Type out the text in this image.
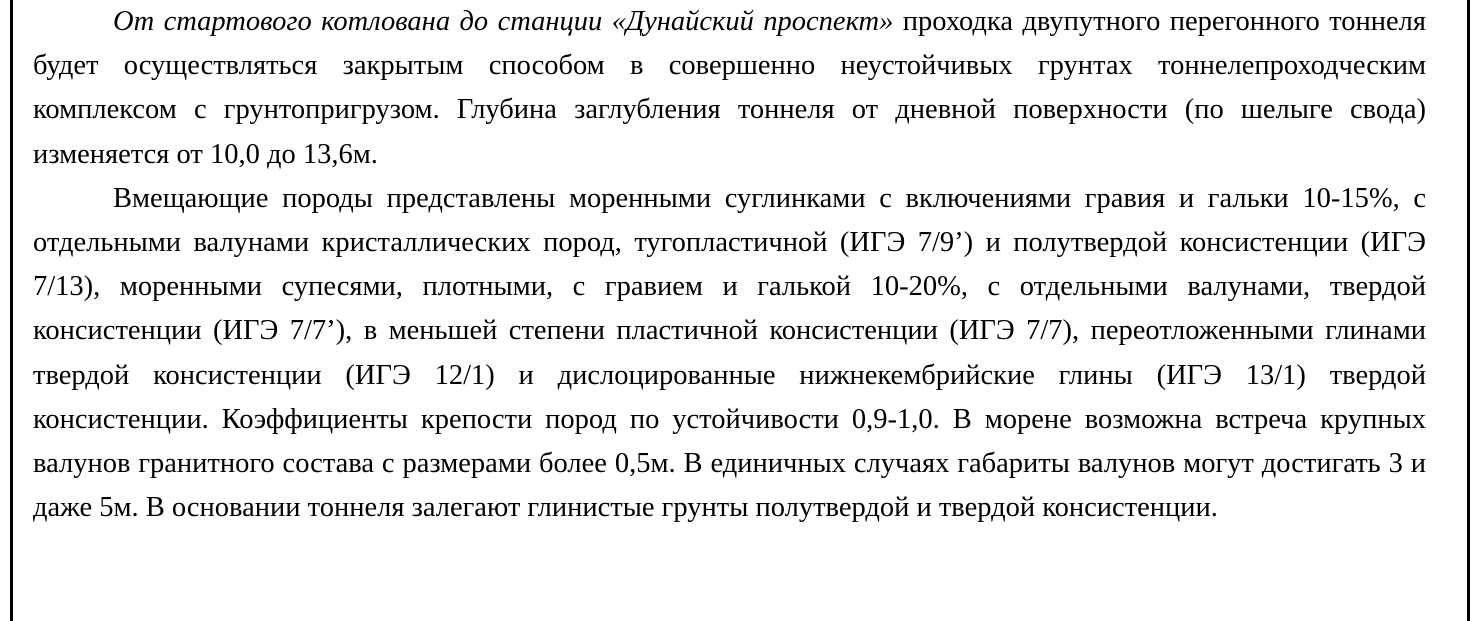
От стартового котлована до станции «Дунайский проспект» проходка двупутного перегонного тоннеля будет осуществляться закрытым способом в совершенно неустойчивых грунтах тоннелепроходческим комплексом с грунтопригрузом. Глубина заглубления тоннеля от дневной поверхности (по шелыге свода) изменяется от 10,0 до 13,6м.

Вмещающие породы представлены моренными суглинками с включениями гравия и гальки 10-15%, с отдельными валунами кристаллических пород, тугопластичной (ИГЭ 7/9’) и полутвердой консистенции (ИГЭ 7/13), моренными супесями, плотными, с гравием и галькой 10-20%, с отдельными валунами, твердой консистенции (ИГЭ 7/7’), в меньшей степени пластичной консистенции (ИГЭ 7/7), переотложенными глинами твердой консистенции (ИГЭ 12/1) и дислоцированные нижнекембрийские глины (ИГЭ 13/1) твердой консистенции. Коэффициенты крепости пород по устойчивости 0,9-1,0. В морене возможна встреча крупных валунов гранитного состава с размерами более 0,5м. В единичных случаях габариты валунов могут достигать 3 и даже 5м. В основании тоннеля залегают глинистые грунты полутвердой и твердой консистенции.
